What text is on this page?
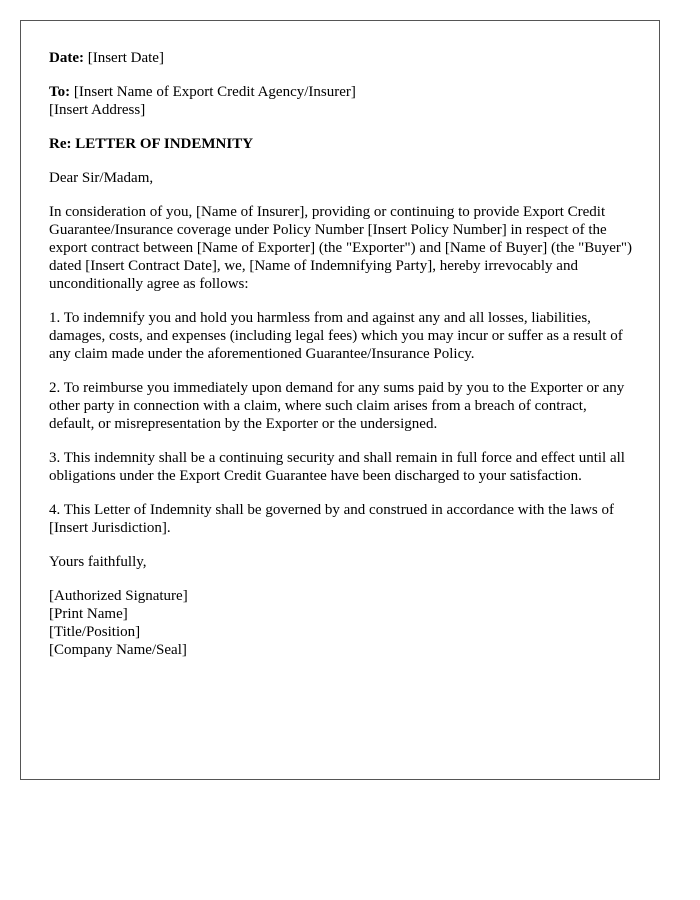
Date: [Insert Date]
To: [Insert Name of Export Credit Agency/Insurer]
[Insert Address]
Re: LETTER OF INDEMNITY
Dear Sir/Madam,
In consideration of you, [Name of Insurer], providing or continuing to provide Export Credit Guarantee/Insurance coverage under Policy Number [Insert Policy Number] in respect of the export contract between [Name of Exporter] (the "Exporter") and [Name of Buyer] (the "Buyer") dated [Insert Contract Date], we, [Name of Indemnifying Party], hereby irrevocably and unconditionally agree as follows:
1. To indemnify you and hold you harmless from and against any and all losses, liabilities, damages, costs, and expenses (including legal fees) which you may incur or suffer as a result of any claim made under the aforementioned Guarantee/Insurance Policy.
2. To reimburse you immediately upon demand for any sums paid by you to the Exporter or any other party in connection with a claim, where such claim arises from a breach of contract, default, or misrepresentation by the Exporter or the undersigned.
3. This indemnity shall be a continuing security and shall remain in full force and effect until all obligations under the Export Credit Guarantee have been discharged to your satisfaction.
4. This Letter of Indemnity shall be governed by and construed in accordance with the laws of [Insert Jurisdiction].
Yours faithfully,
[Authorized Signature]
[Print Name]
[Title/Position]
[Company Name/Seal]
